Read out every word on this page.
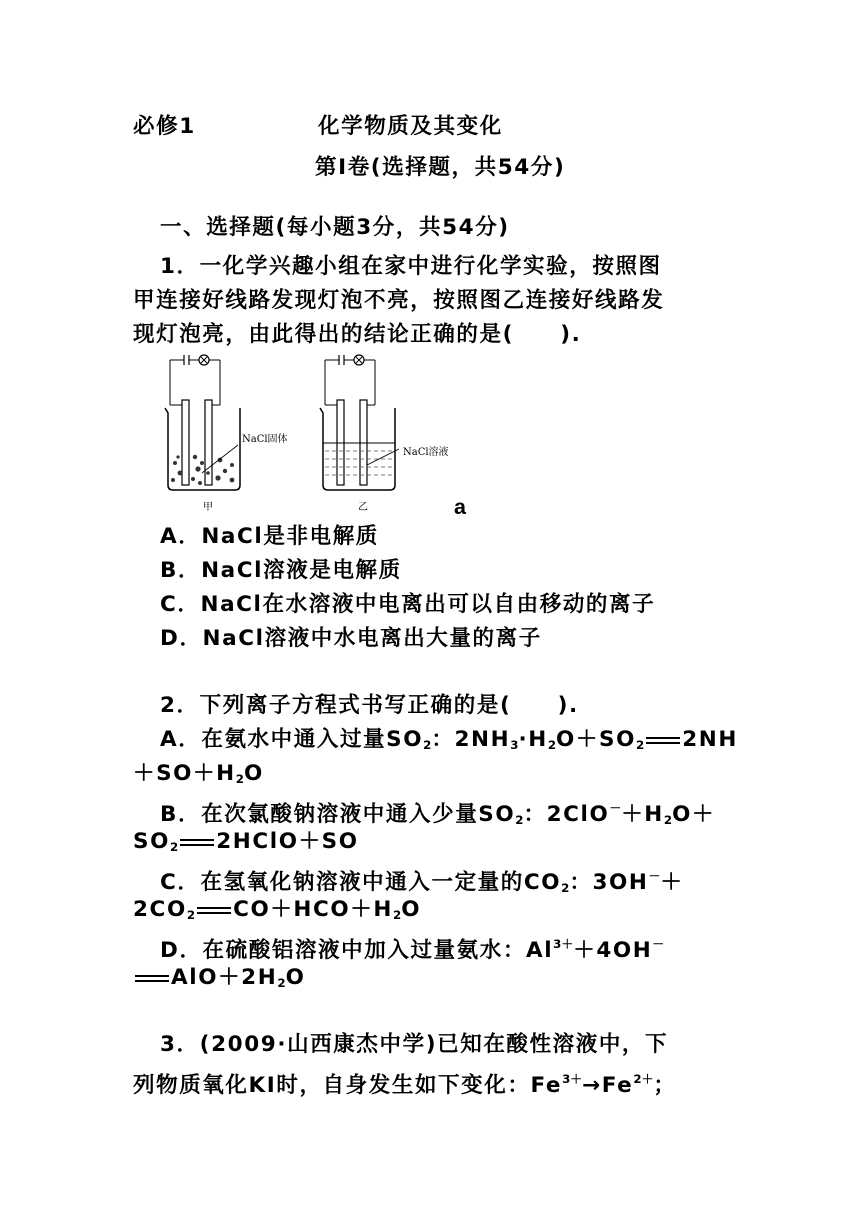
必修1	化学物质及其变化
第Ⅰ卷(选择题，共54分)
一、选择题(每小题3分，共54分)
1．一化学兴趣小组在家中进行化学实验，按照图
甲连接好线路发现灯泡不亮，按照图乙连接好线路发
现灯泡亮，由此得出的结论正确的是(　　).
NaCl固体
甲
NaCl溶液
乙	a
A．NaCl是非电解质
B．NaCl溶液是电解质
C．NaCl在水溶液中电离出可以自由移动的离子
D．NaCl溶液中水电离出大量的离子
2．下列离子方程式书写正确的是(　　).
A．在氨水中通入过量$SO_2$：$2NH_3\cdot H_2O+SO_2$ 2NH
$+SO+H_2O$
B．在次氯酸钠溶液中通入少量$SO_2$：$2ClO^-+H_2O+$
$SO_2$ 2HClO＋SO
C．在氢氧化钠溶液中通入一定量的$CO_2$：3OH－＋
$2CO_2$ $CO+HCO+H_2O$
D．在硫酸铝溶液中加入过量氨水：$Al^{3+}+4OH^-$
$AlO+2H_2O$
3．(2009·山西康杰中学)已知在酸性溶液中，下
列物质氧化KI时，自身发生如下变化：$Fe^{3+}\to Fe^{2+}$；
